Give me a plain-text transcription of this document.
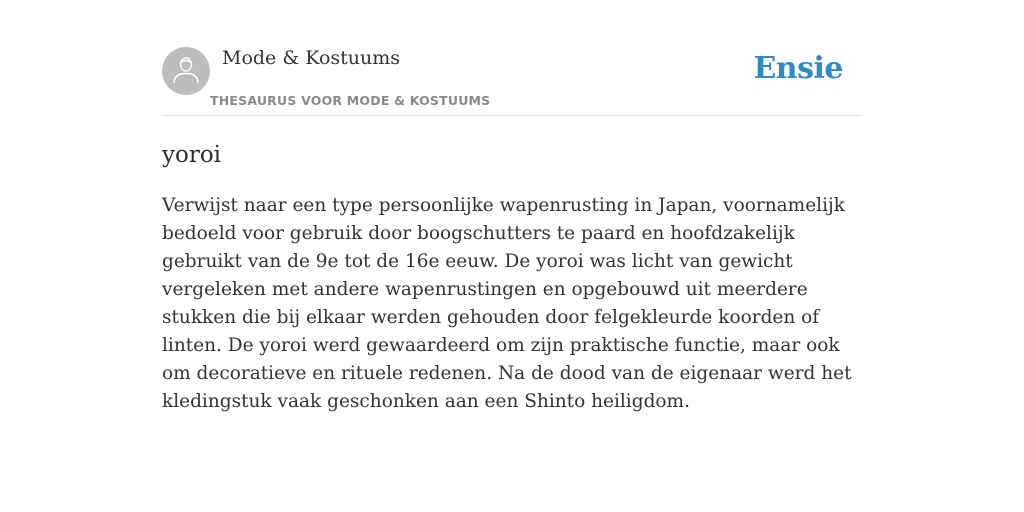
Mode & Kostuums
THESAURUS VOOR MODE & KOSTUUMS
Ensie
yoroi

Verwijst naar een type persoonlijke wapenrusting in Japan, voornamelijk bedoeld voor gebruik door boogschutters te paard en hoofdzakelijk gebruikt van de 9e tot de 16e eeuw. De yoroi was licht van gewicht vergeleken met andere wapenrustingen en opgebouwd uit meerdere stukken die bij elkaar werden gehouden door felgekleurde koorden of linten. De yoroi werd gewaardeerd om zijn praktische functie, maar ook om decoratieve en rituele redenen. Na de dood van de eigenaar werd het kledingstuk vaak geschonken aan een Shinto heiligdom.
